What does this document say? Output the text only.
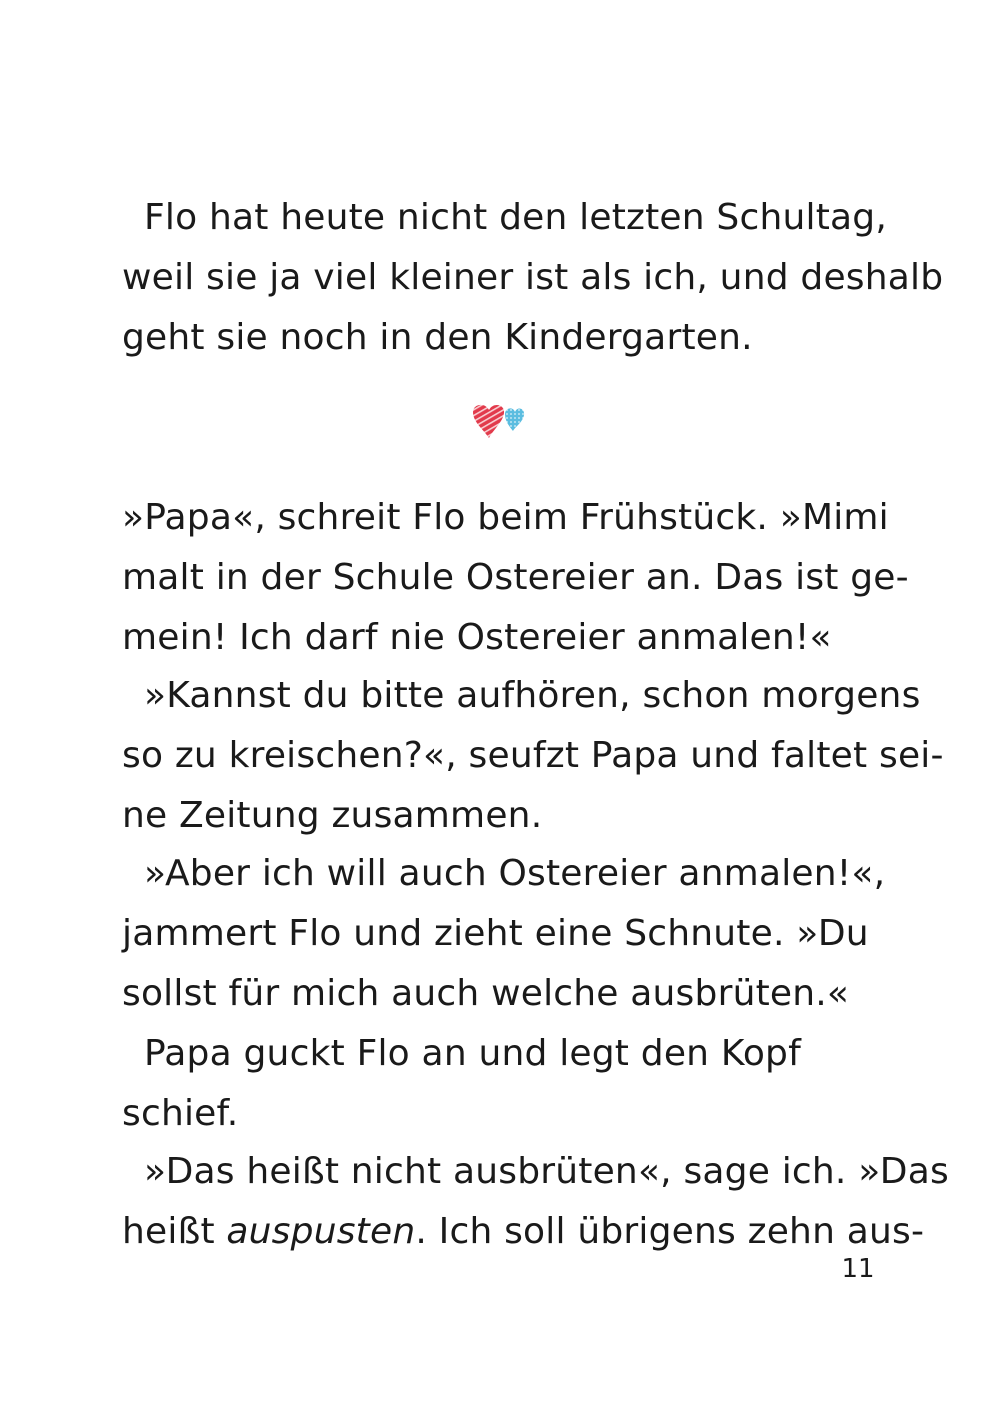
Flo hat heute nicht den letzten Schultag,
weil sie ja viel kleiner ist als ich, und deshalb
geht sie noch in den Kindergarten.
»Papa«, schreit Flo beim Frühstück. »Mimi
malt in der Schule Ostereier an. Das ist ge-
mein! Ich darf nie Ostereier anmalen!«
»Kannst du bitte aufhören, schon morgens
so zu kreischen?«, seufzt Papa und faltet sei-
ne Zeitung zusammen.
»Aber ich will auch Ostereier anmalen!«,
jammert Flo und zieht eine Schnute. »Du
sollst für mich auch welche ausbrüten.«
Papa guckt Flo an und legt den Kopf
schief.
»Das heißt nicht ausbrüten«, sage ich. »Das
heißt auspusten. Ich soll übrigens zehn aus-
11
